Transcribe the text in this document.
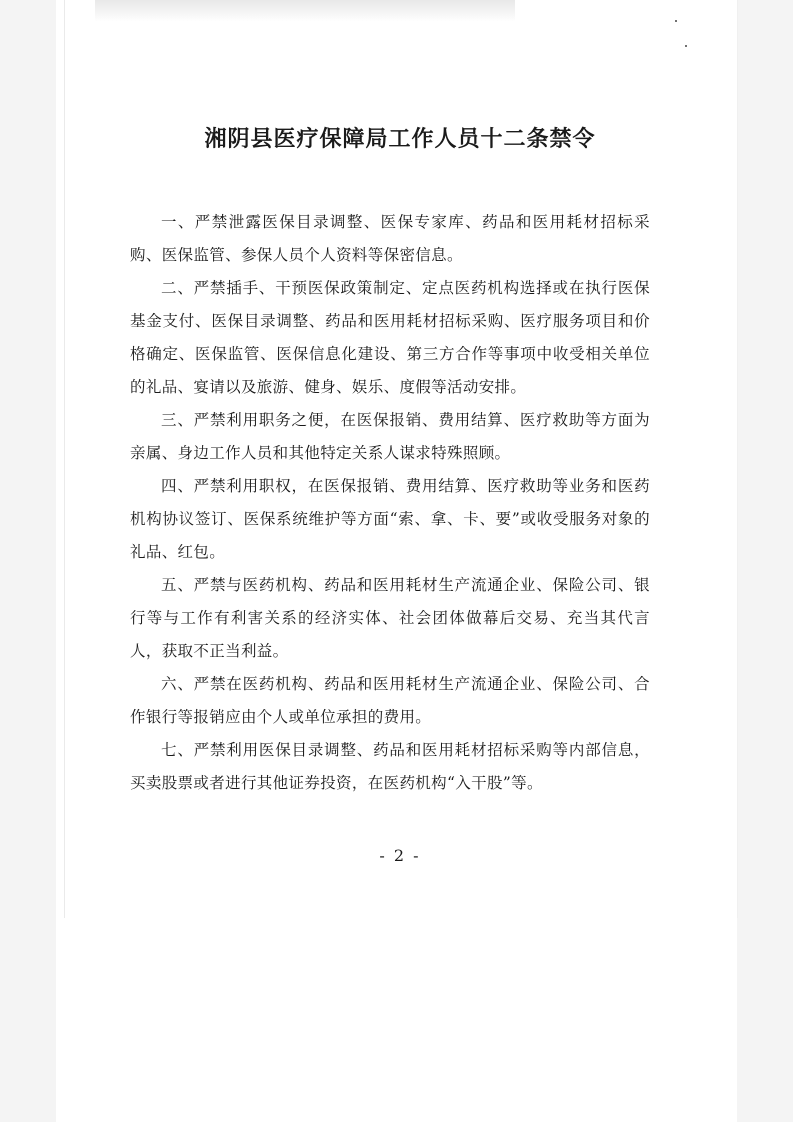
湘阴县医疗保障局工作人员十二条禁令

一、严禁泄露医保目录调整、医保专家库、药品和医用耗材招标采购、医保监管、参保人员个人资料等保密信息。

二、严禁插手、干预医保政策制定、定点医药机构选择或在执行医保基金支付、医保目录调整、药品和医用耗材招标采购、医疗服务项目和价格确定、医保监管、医保信息化建设、第三方合作等事项中收受相关单位的礼品、宴请以及旅游、健身、娱乐、度假等活动安排。

三、严禁利用职务之便，在医保报销、费用结算、医疗救助等方面为亲属、身边工作人员和其他特定关系人谋求特殊照顾。

四、严禁利用职权，在医保报销、费用结算、医疗救助等业务和医药机构协议签订、医保系统维护等方面“索、拿、卡、要”或收受服务对象的礼品、红包。

五、严禁与医药机构、药品和医用耗材生产流通企业、保险公司、银行等与工作有利害关系的经济实体、社会团体做幕后交易、充当其代言人，获取不正当利益。

六、严禁在医药机构、药品和医用耗材生产流通企业、保险公司、合作银行等报销应由个人或单位承担的费用。

七、严禁利用医保目录调整、药品和医用耗材招标采购等内部信息，买卖股票或者进行其他证券投资，在医药机构“入干股”等。

- 2 -
